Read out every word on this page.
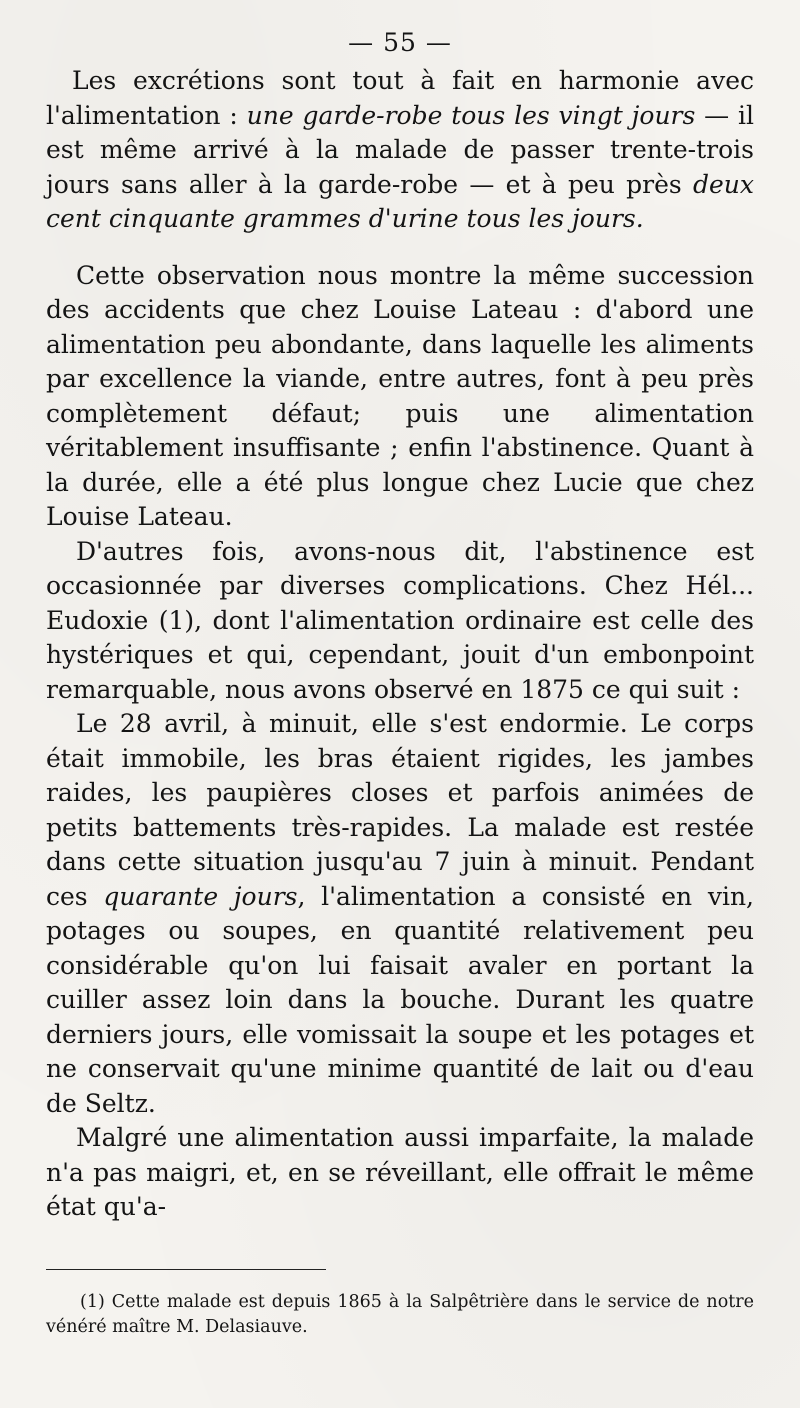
— 55 —

Les excrétions sont tout à fait en harmonie avec l'alimentation : une garde-robe tous les vingt jours — il est même arrivé à la malade de passer trente-trois jours sans aller à la garde-robe — et à peu près deux cent cinquante grammes d'urine tous les jours.

Cette observation nous montre la même succession des accidents que chez Louise Lateau : d'abord une alimentation peu abondante, dans laquelle les aliments par excellence la viande, entre autres, font à peu près complètement défaut; puis une alimentation véritablement insuffisante ; enfin l'abstinence. Quant à la durée, elle a été plus longue chez Lucie que chez Louise Lateau.

D'autres fois, avons-nous dit, l'abstinence est occasionnée par diverses complications. Chez Hél... Eudoxie (1), dont l'alimentation ordinaire est celle des hystériques et qui, cependant, jouit d'un embonpoint remarquable, nous avons observé en 1875 ce qui suit :

Le 28 avril, à minuit, elle s'est endormie. Le corps était immobile, les bras étaient rigides, les jambes raides, les paupières closes et parfois animées de petits battements très-rapides. La malade est restée dans cette situation jusqu'au 7 juin à minuit. Pendant ces quarante jours, l'alimentation a consisté en vin, potages ou soupes, en quantité relativement peu considérable qu'on lui faisait avaler en portant la cuiller assez loin dans la bouche. Durant les quatre derniers jours, elle vomissait la soupe et les potages et ne conservait qu'une minime quantité de lait ou d'eau de Seltz.

Malgré une alimentation aussi imparfaite, la malade n'a pas maigri, et, en se réveillant, elle offrait le même état qu'a-

(1) Cette malade est depuis 1865 à la Salpêtrière dans le service de notre vénéré maître M. Delasiauve.
